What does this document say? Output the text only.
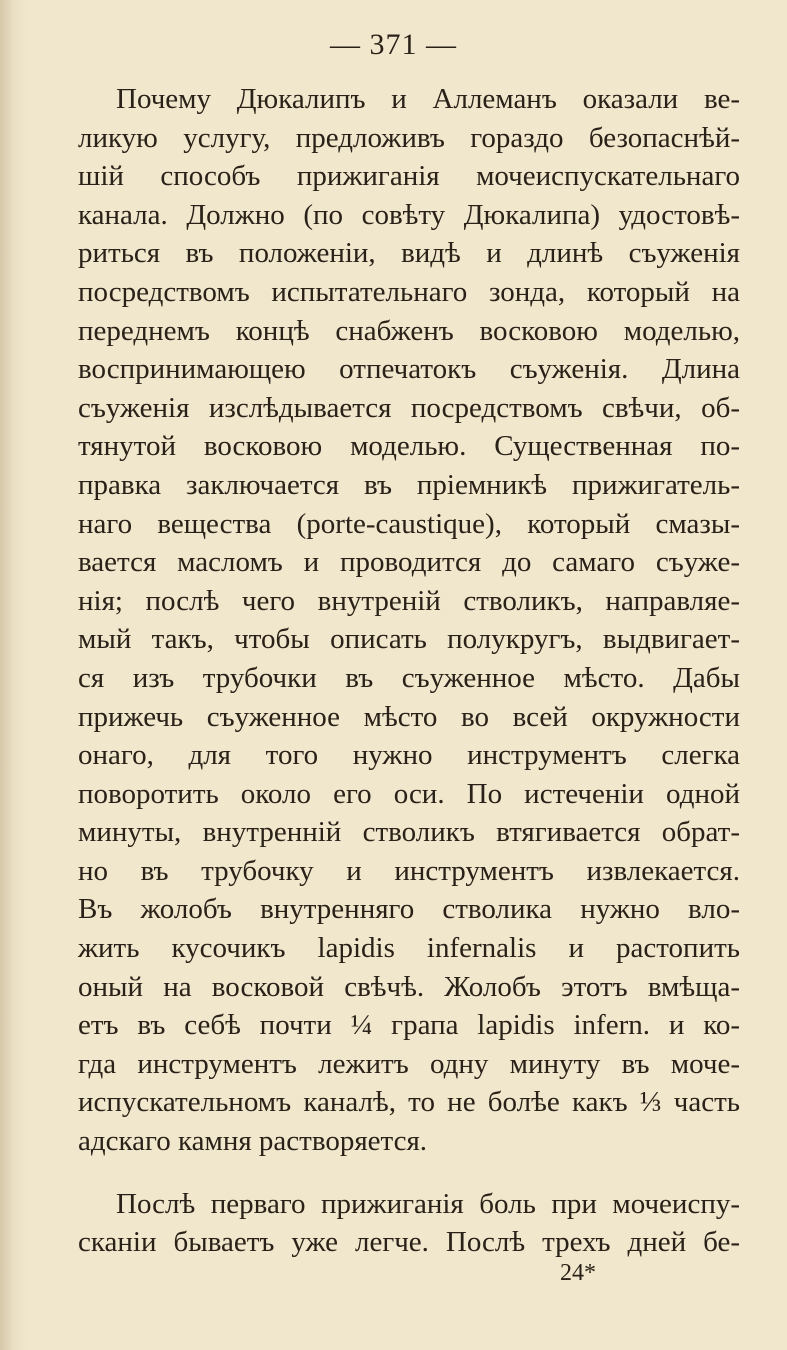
— 371 —
Почему Дюкалипъ и Аллеманъ оказали ве-
ликую услугу, предложивъ гораздо безопаснѣй-
шій способъ прижиганія мочеиспускательнаго
канала. Должно (по совѣту Дюкалипа) удостовѣ-
риться въ положеніи, видѣ и длинѣ съуженія
посредствомъ испытательнаго зонда, который на
переднемъ концѣ снабженъ восковою моделью,
воспринимающею отпечатокъ съуженія. Длина
съуженія изслѣдывается посредствомъ свѣчи, об-
тянутой восковою моделью. Существенная по-
правка заключается въ пріемникѣ прижигатель-
наго вещества (porte-caustique), который смазы-
вается масломъ и проводится до самаго съуже-
нія; послѣ чего внутреній стволикъ, направляе-
мый такъ, чтобы описать полукругъ, выдвигает-
ся изъ трубочки въ съуженное мѣсто. Дабы
прижечь съуженное мѣсто во всей окружности
онаго, для того нужно инструментъ слегка
поворотить около его оси. По истеченіи одной
минуты, внутренній стволикъ втягивается обрат-
но въ трубочку и инструментъ извлекается.
Въ жолобъ внутренняго стволика нужно вло-
жить кусочикъ lapidis infernalis и растопить
оный на восковой свѣчѣ. Жолобъ этотъ вмѣща-
етъ въ себѣ почти ¼ грапа lapidis infern. и ко-
гда инструментъ лежитъ одну минуту въ моче-
испускательномъ каналѣ, то не болѣе какъ ⅓ часть
адскаго камня растворяется.
Послѣ перваго прижиганія боль при мочеиспу-
сканіи бываетъ уже легче. Послѣ трехъ дней бе-
24*
